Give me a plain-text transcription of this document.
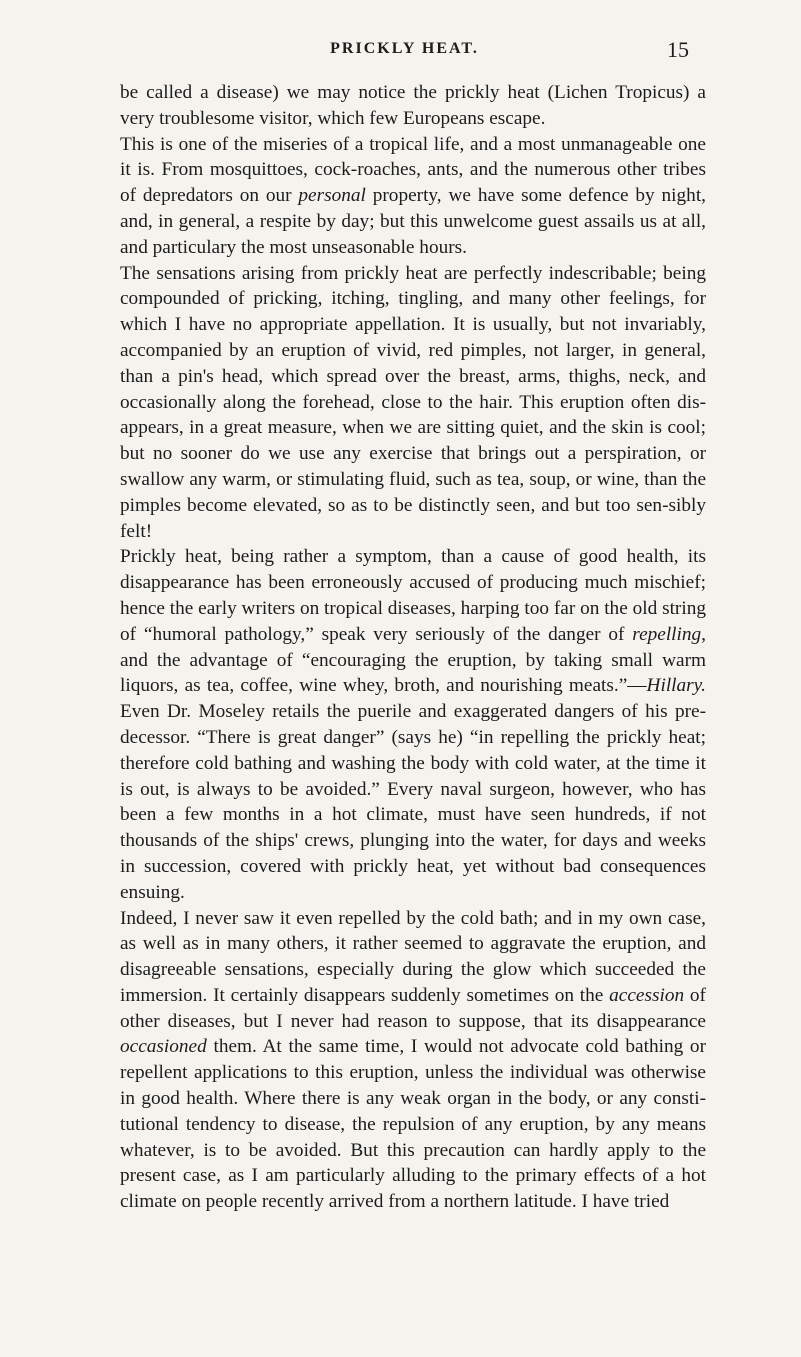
PRICKLY HEAT.	15

be called a disease) we may notice the prickly heat (Lichen Tropicus) a very troublesome visitor, which few Europeans escape.

This is one of the miseries of a tropical life, and a most unmanageable one it is. From mosquittoes, cock-roaches, ants, and the numerous other tribes of depredators on our personal property, we have some defence by night, and, in general, a respite by day; but this unwelcome guest assails us at all, and particulary the most unseasonable hours.

The sensations arising from prickly heat are perfectly indescribable; being compounded of pricking, itching, tingling, and many other feelings, for which I have no appropriate appellation. It is usually, but not invariably, accompanied by an eruption of vivid, red pimples, not larger, in general, than a pin's head, which spread over the breast, arms, thighs, neck, and occasionally along the forehead, close to the hair. This eruption often dis-appears, in a great measure, when we are sitting quiet, and the skin is cool; but no sooner do we use any exercise that brings out a perspiration, or swallow any warm, or stimulating fluid, such as tea, soup, or wine, than the pimples become elevated, so as to be distinctly seen, and but too sen-sibly felt!

Prickly heat, being rather a symptom, than a cause of good health, its disappearance has been erroneously accused of producing much mischief; hence the early writers on tropical diseases, harping too far on the old string of “humoral pathology,” speak very seriously of the danger of repelling, and the advantage of “encouraging the eruption, by taking small warm liquors, as tea, coffee, wine whey, broth, and nourishing meats.”—Hillary. Even Dr. Moseley retails the puerile and exaggerated dangers of his pre-decessor. “There is great danger” (says he) “in repelling the prickly heat; therefore cold bathing and washing the body with cold water, at the time it is out, is always to be avoided.” Every naval surgeon, however, who has been a few months in a hot climate, must have seen hundreds, if not thousands of the ships' crews, plunging into the water, for days and weeks in succession, covered with prickly heat, yet without bad consequences ensuing.

Indeed, I never saw it even repelled by the cold bath; and in my own case, as well as in many others, it rather seemed to aggravate the eruption, and disagreeable sensations, especially during the glow which succeeded the immersion. It certainly disappears suddenly sometimes on the accession of other diseases, but I never had reason to suppose, that its disappearance occasioned them. At the same time, I would not advocate cold bathing or repellent applications to this eruption, unless the individual was otherwise in good health. Where there is any weak organ in the body, or any consti-tutional tendency to disease, the repulsion of any eruption, by any means whatever, is to be avoided. But this precaution can hardly apply to the present case, as I am particularly alluding to the primary effects of a hot climate on people recently arrived from a northern latitude. I have tried
